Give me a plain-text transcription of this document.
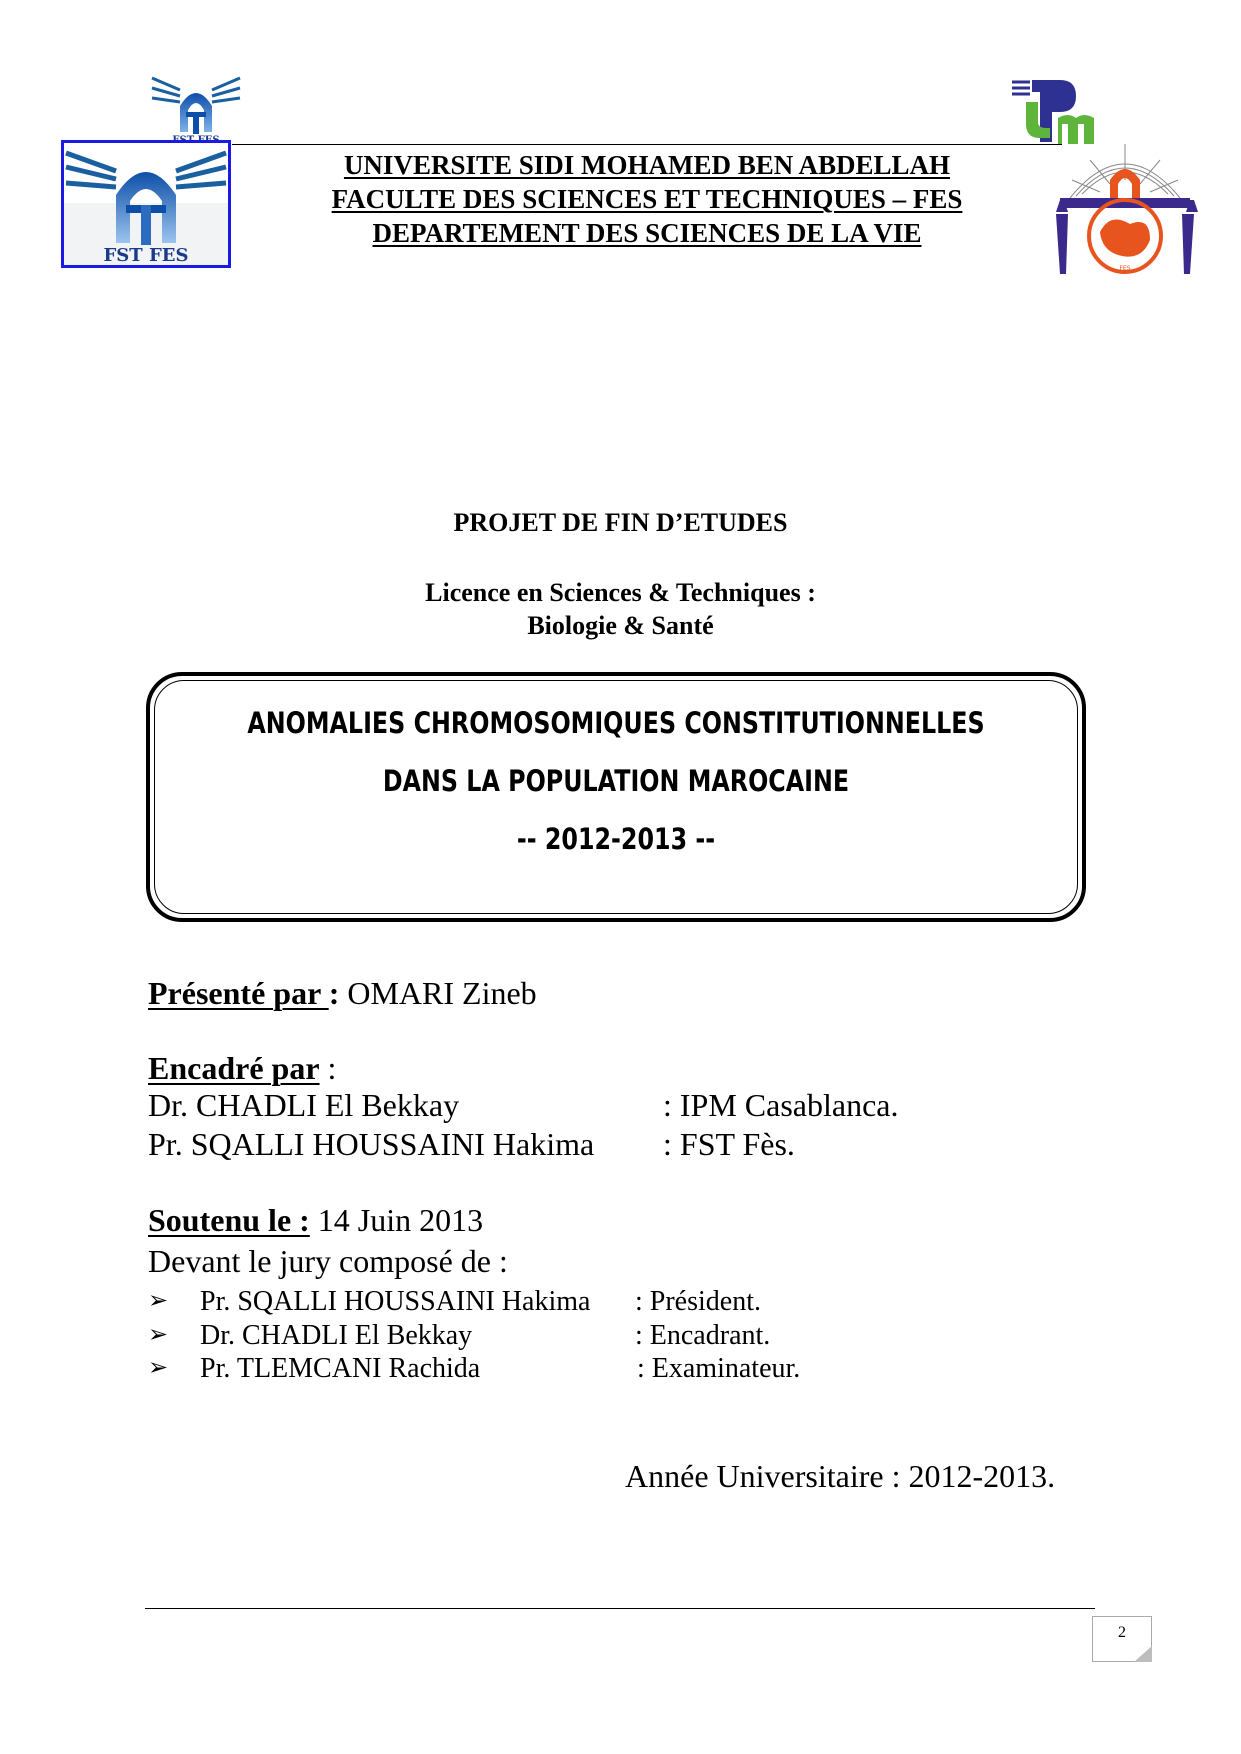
FST FES
FES
UNIVERSITE SIDI MOHAMED BEN ABDELLAH
FACULTE DES SCIENCES ET TECHNIQUES – FES
DEPARTEMENT DES SCIENCES DE LA VIE
PROJET DE FIN D’ETUDES
Licence en Sciences & Techniques :
Biologie & Santé
ANOMALIES CHROMOSOMIQUES CONSTITUTIONNELLES
DANS LA POPULATION MAROCAINE
-- 2012-2013 --
Présenté par : OMARI Zineb
Encadré par :
Dr. CHADLI El Bekkay	: IPM Casablanca.
Pr. SQALLI HOUSSAINI Hakima : FST Fès.
Soutenu le : 14 Juin 2013
Devant le jury composé de :
➢ Pr. SQALLI HOUSSAINI Hakima : Président.
➢ Dr. CHADLI El Bekkay	: Encadrant.
➢ Pr. TLEMCANI Rachida	: Examinateur.
Année Universitaire : 2012-2013.
2
